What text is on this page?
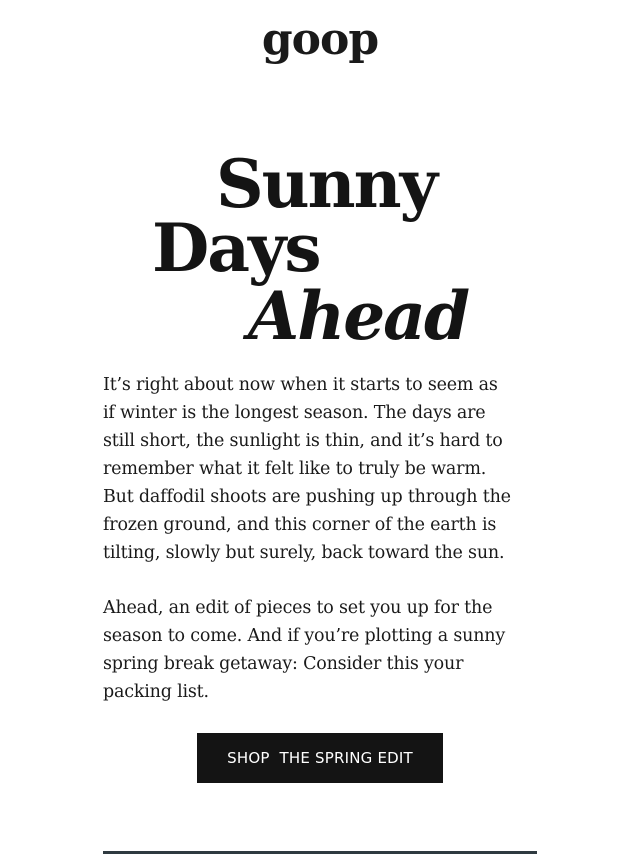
goop
Sunny
Days
Ahead
It’s right about now when it starts to seem as
if winter is the longest season. The days are
still short, the sunlight is thin, and it’s hard to
remember what it felt like to truly be warm.
But daffodil shoots are pushing up through the
frozen ground, and this corner of the earth is
tilting, slowly but surely, back toward the sun.
Ahead, an edit of pieces to set you up for the
season to come. And if you’re plotting a sunny
spring break getaway: Consider this your
packing list.
SHOP  THE SPRING EDIT
